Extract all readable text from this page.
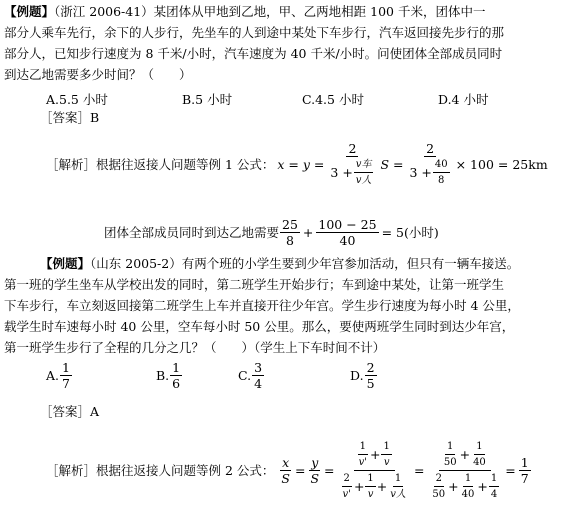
【例题】（浙江 2006-41）某团体从甲地到乙地，甲、乙两地相距 100 千米，团体中一
部分人乘车先行，余下的人步行，先坐车的人到途中某处下车步行，汽车返回接先步行的那
部分人，已知步行速度为 8 千米/小时，汽车速度为 40 千米/小时。问使团体全部成员同时
到达乙地需要多少时间？（　　）
A.5.5 小时	B.5 小时	C.4.5 小时	D.4 小时
［答案］B
［解析］根据往返接人问题等例 1 公式： $x = y = \frac{2}{3 + \frac{\text{v车}}{\text{v人}}}$ $S = \frac{2}{3 + \frac{40}{8}} \times 100 = 25km$
团体全部成员同时到达乙地需要 $\frac{25}{8} + \frac{100 - 25}{40} = 5$(小时)
【例题】（山东 2005-2）有两个班的小学生要到少年宫参加活动，但只有一辆车接送。
第一班的学生坐车从学校出发的同时，第二班学生开始步行；车到途中某处，让第一班学生
下车步行，车立刻返回接第二班学生上车并直接开往少年宫。学生步行速度为每小时 4 公里，
载学生时车速每小时 40 公里，空车每小时 50 公里。那么，要使两班学生同时到达少年宫，
第一班学生步行了全程的几分之几？（　　）（学生上下车时间不计）
A. $\frac{1}{7}$	B. $\frac{1}{6}$	C. $\frac{3}{4}$	D. $\frac{2}{5}$
［答案］A
［解析］根据往返接人问题等例 2 公式： $\frac{x}{S} = \frac{y}{S} = \frac{\frac{1}{v'} + \frac{1}{v}}{\frac{2}{v'} + \frac{1}{v} + \frac{1}{\text{v人}}} = \frac{\frac{1}{50} + \frac{1}{40}}{\frac{2}{50} + \frac{1}{40} + \frac{1}{4}} = \frac{1}{7}$
